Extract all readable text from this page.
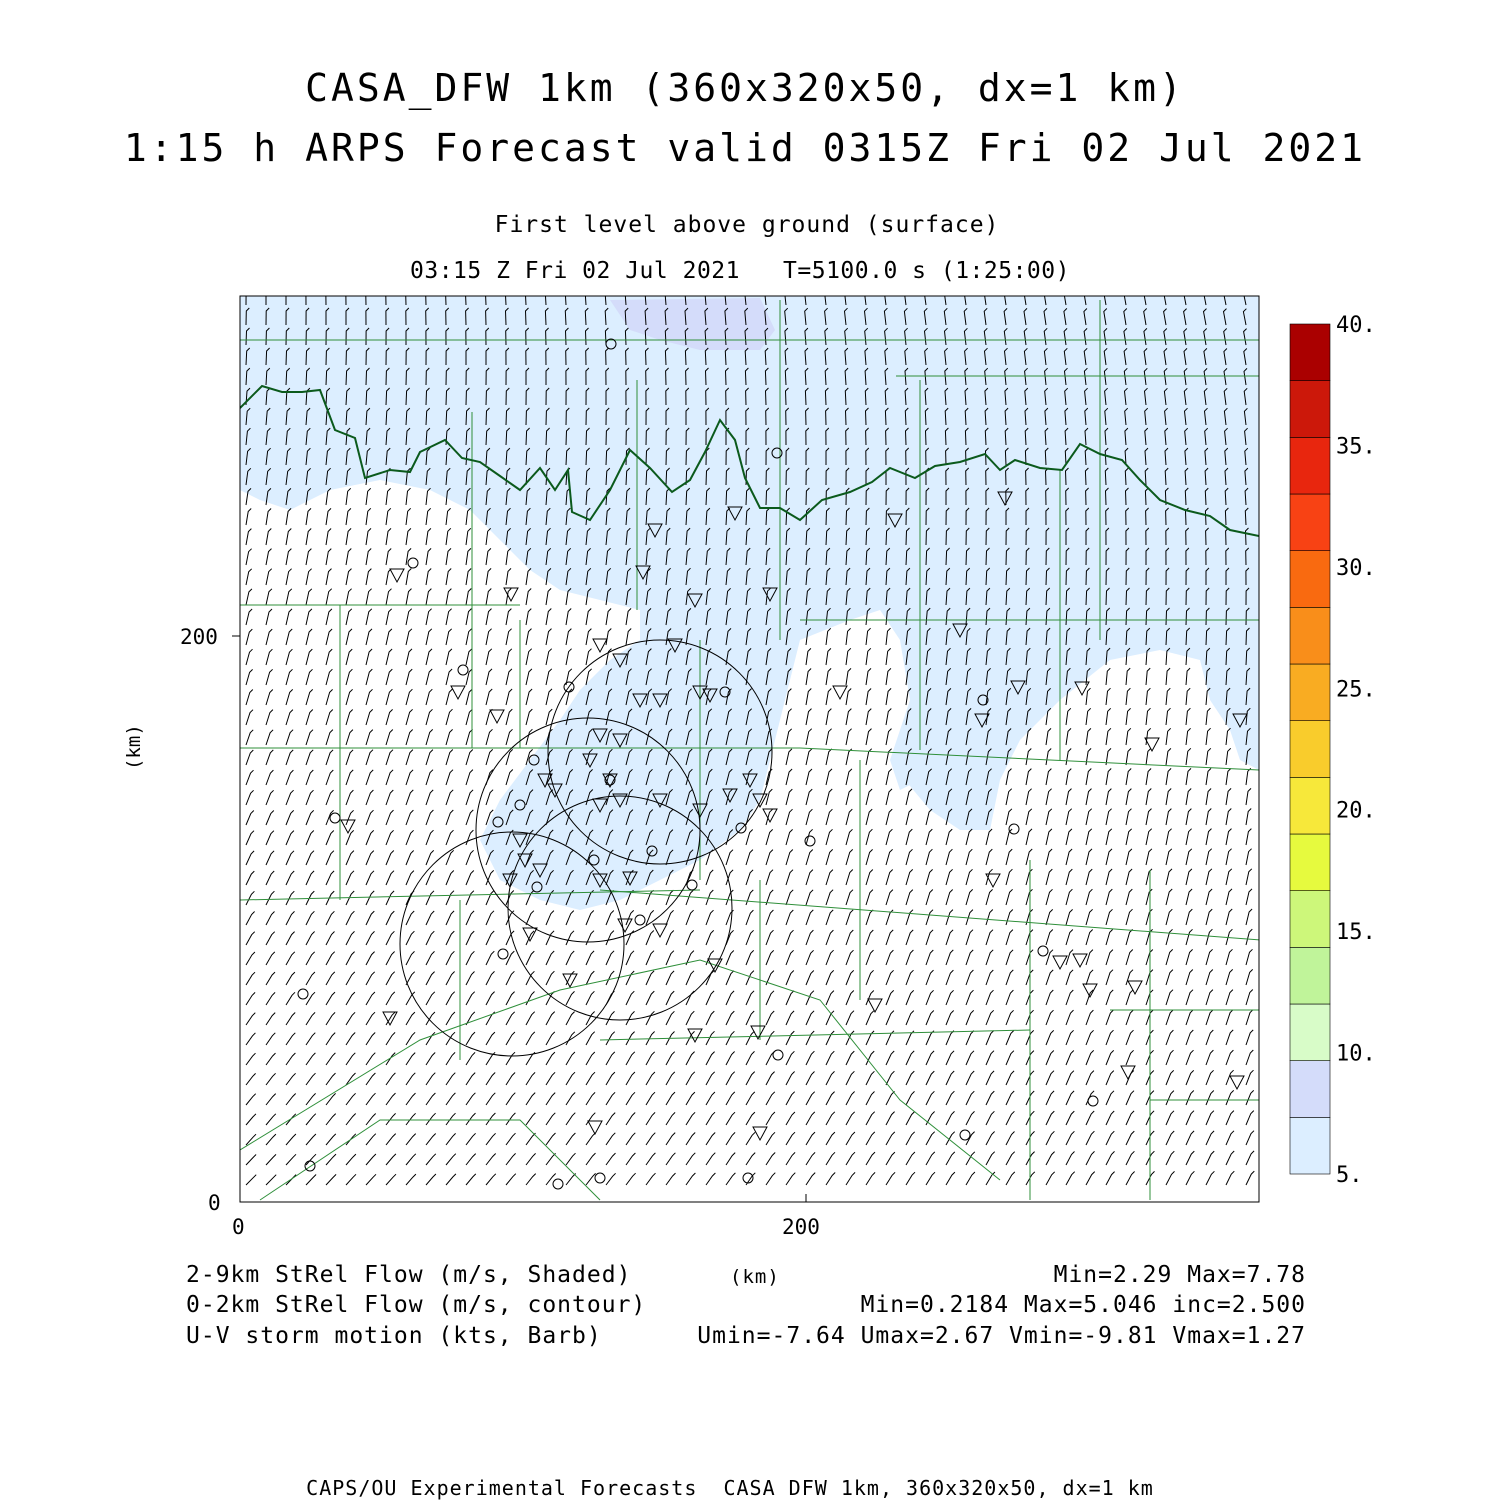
CASA_DFW 1km (360x320x50, dx=1 km)
1:15 h ARPS Forecast valid 0315Z Fri 02 Jul 2021
First level above ground (surface)
03:15 Z Fri 02 Jul 2021   T=5100.0 s (1:25:00)
0
200
0	200
(km)
5.
10.
15.
20.
25.
30.
35.
40.
2-9km StRel Flow (m/s, Shaded)	(km)	Min=2.29 Max=7.78
0-2km StRel Flow (m/s, contour)	Min=0.2184 Max=5.046 inc=2.500
U-V storm motion (kts, Barb)	Umin=-7.64 Umax=2.67 Vmin=-9.81 Vmax=1.27
CAPS/OU Experimental Forecasts  CASA DFW 1km, 360x320x50, dx=1 km
